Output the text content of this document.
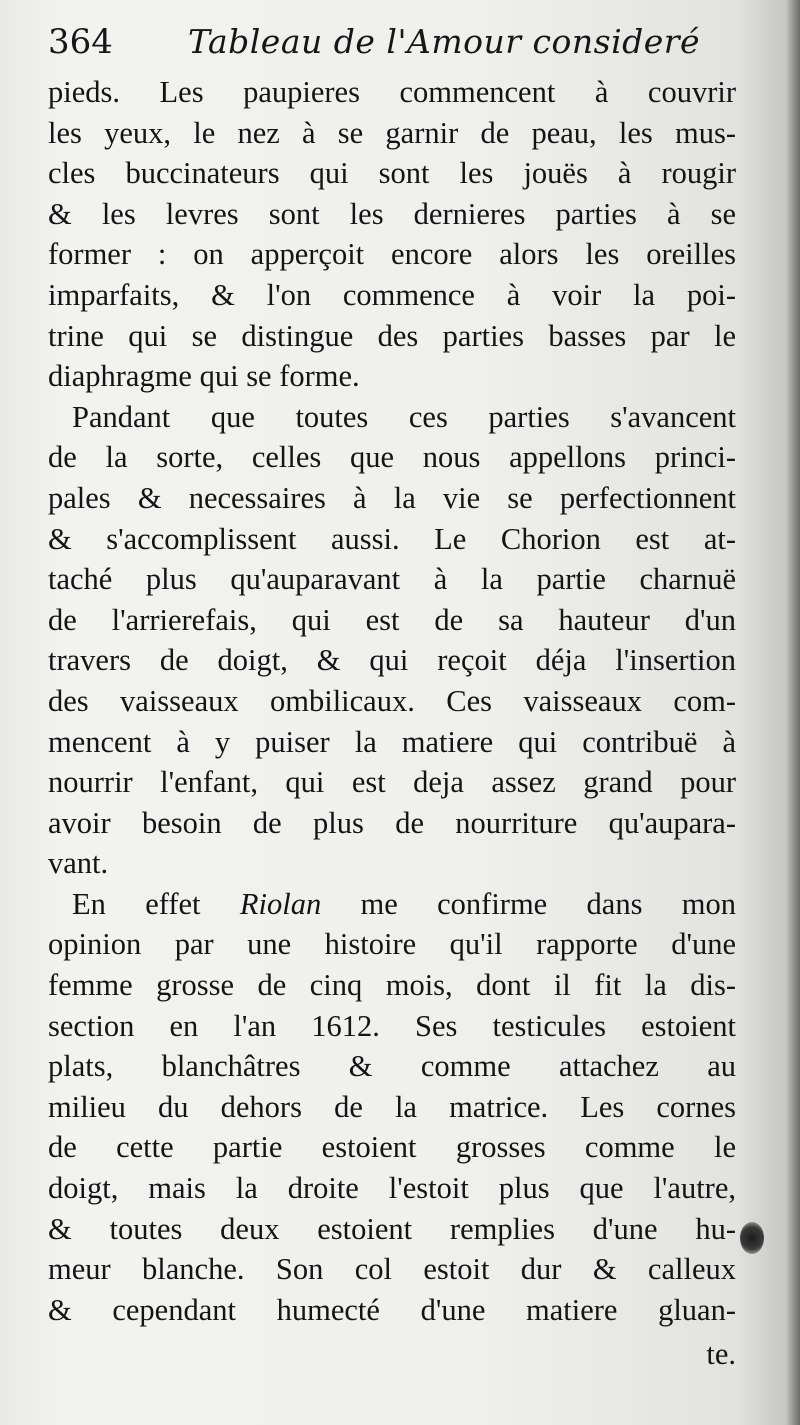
364 Tableau de l'Amour consideré

pieds. Les paupieres commencent à couvrir
les yeux, le nez à se garnir de peau, les mus-
cles buccinateurs qui sont les jouës à rougir
& les levres sont les dernieres parties à se
former : on apperçoit encore alors les oreilles
imparfaits, & l'on commence à voir la poi-
trine qui se distingue des parties basses par le
diaphragme qui se forme.

Pandant que toutes ces parties s'avancent
de la sorte, celles que nous appellons princi-
pales & necessaires à la vie se perfectionnent
& s'accomplissent aussi. Le Chorion est at-
taché plus qu'auparavant à la partie charnuë
de l'arrierefais, qui est de sa hauteur d'un
travers de doigt, & qui reçoit déja l'insertion
des vaisseaux ombilicaux. Ces vaisseaux com-
mencent à y puiser la matiere qui contribuë à
nourrir l'enfant, qui est deja assez grand pour
avoir besoin de plus de nourriture qu'aupara-
vant.

En effet Riolan me confirme dans mon
opinion par une histoire qu'il rapporte d'une
femme grosse de cinq mois, dont il fit la dis-
section en l'an 1612. Ses testicules estoient
plats, blanchâtres & comme attachez au
milieu du dehors de la matrice. Les cornes
de cette partie estoient grosses comme le
doigt, mais la droite l'estoit plus que l'autre,
& toutes deux estoient remplies d'une hu-
meur blanche. Son col estoit dur & calleux
& cependant humecté d'une matiere gluan-

te.
